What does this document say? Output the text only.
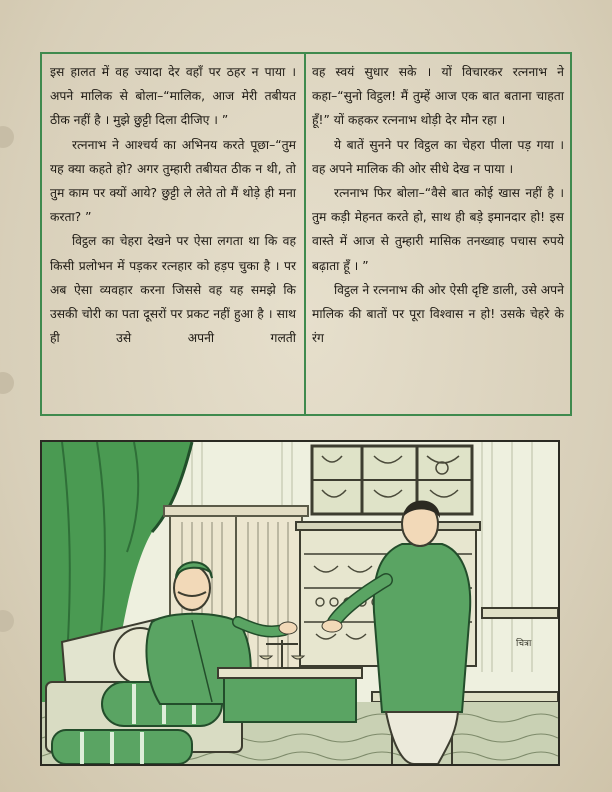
इस हालत में वह ज्यादा देर वहाँ पर ठहर न पाया । अपने मालिक से बोला–“मालिक, आज मेरी तबीयत ठीक नहीं है । मुझे छुट्टी दिला दीजिए । ”

रत्ननाभ ने आश्चर्य का अभिनय करते पूछा–“तुम यह क्या कहते हो? अगर तुम्हारी तबीयत ठीक न थी, तो तुम काम पर क्यों आये? छुट्टी ले लेते तो मैं थोड़े ही मना करता? ”

विट्ठल का चेहरा देखने पर ऐसा लगता था कि वह किसी प्रलोभन में पड़कर रत्नहार को हड़प चुका है । पर अब ऐसा व्यवहार करना जिससे वह यह समझे कि उसकी चोरी का पता दूसरों पर प्रकट नहीं हुआ है । साथ ही उसे अपनी गलती

वह स्वयं सुधार सके । यों विचारकर रत्ननाभ ने कहा–“सुनो विट्ठल! मैं तुम्हें आज एक बात बताना चाहता हूँ!” यों कहकर रत्ननाभ थोड़ी देर मौन रहा ।

ये बातें सुनने पर विट्ठल का चेहरा पीला पड़ गया । वह अपने मालिक की ओर सीधे देख न पाया ।

रत्ननाभ फिर बोला–“वैसे बात कोई खास नहीं है । तुम कड़ी मेहनत करते हो, साथ ही बड़े इमानदार हो! इस वास्ते में आज से तुम्हारी मासिक तनख्वाह पचास रुपये बढ़ाता हूँ । ”

विट्ठल ने रत्ननाभ की ओर ऐसी दृष्टि डाली, उसे अपने मालिक की बातों पर पूरा विश्वास न हो! उसके चेहरे के रंग

चित्रा
